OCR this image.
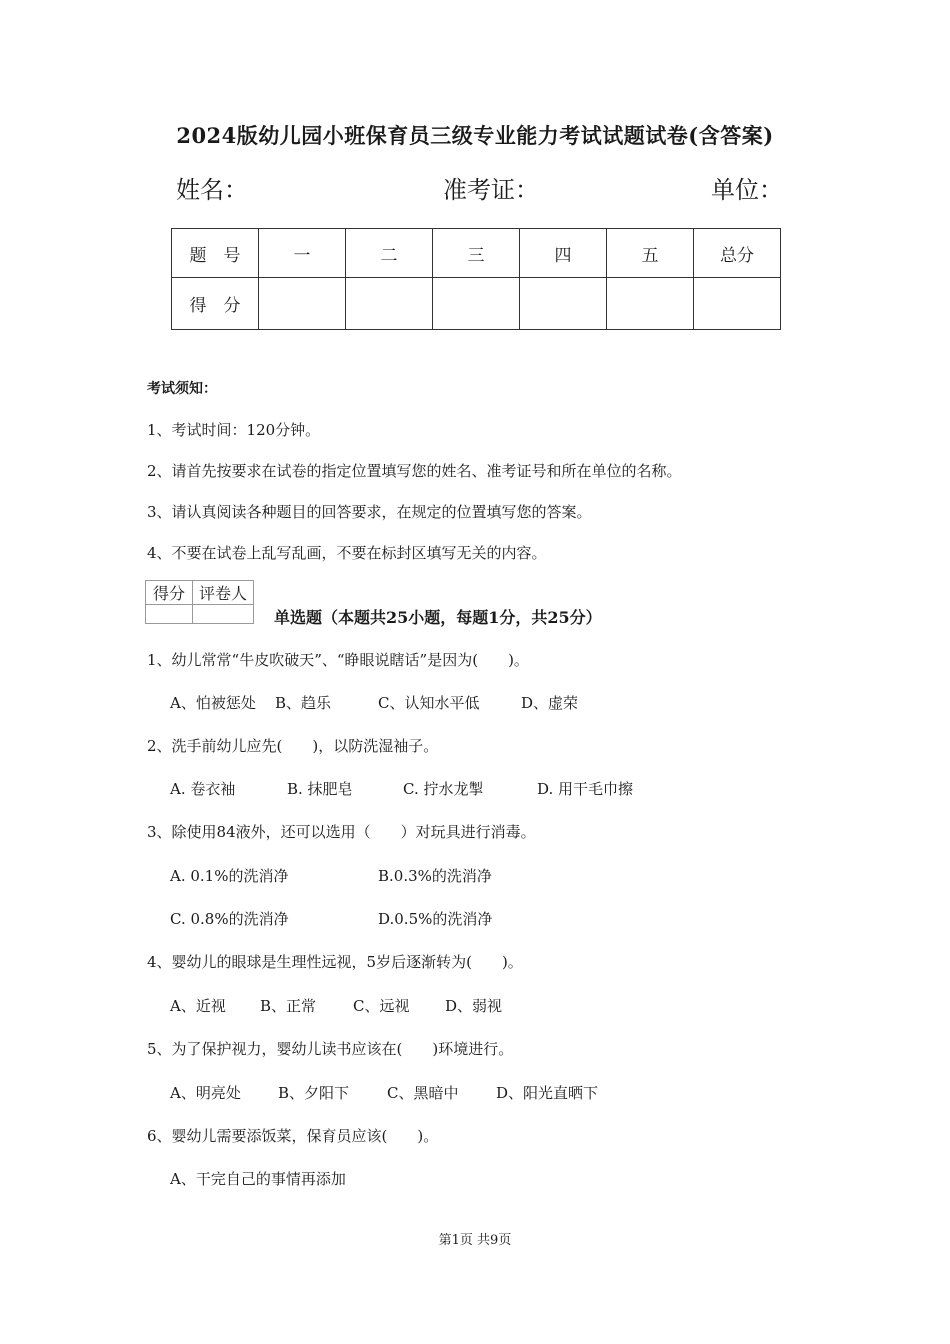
2024版幼儿园小班保育员三级专业能力考试试题试卷(含答案)
姓名：	准考证：	单位：
题　号	一	二	三	四	五	总分
得　分						
考试须知：
1、考试时间：120分钟。
2、请首先按要求在试卷的指定位置填写您的姓名、准考证号和所在单位的名称。
3、请认真阅读各种题目的回答要求，在规定的位置填写您的答案。
4、不要在试卷上乱写乱画，不要在标封区填写无关的内容。
得分	评卷人

单选题（本题共25小题，每题1分，共25分）
1、幼儿常常“牛皮吹破天”、“睁眼说瞎话”是因为(　　)。
A、怕被惩处 B、趋乐	C、认知水平低	D、虚荣
2、洗手前幼儿应先(　　)，以防洗湿袖子。
A. 卷衣袖	B. 抹肥皂	C. 拧水龙掣	D. 用干毛巾擦
3、除使用84液外，还可以选用（　　）对玩具进行消毒。
A. 0.1%的洗消净	B.0.3%的洗消净
C. 0.8%的洗消净	D.0.5%的洗消净
4、婴幼儿的眼球是生理性远视，5岁后逐渐转为(　　)。
A、近视 B、正常 C、远视 D、弱视
5、为了保护视力，婴幼儿读书应该在(　　)环境进行。
A、明亮处 B、夕阳下	C、黑暗中	D、阳光直晒下
6、婴幼儿需要添饭菜，保育员应该(　　)。
A、干完自己的事情再添加
第1页 共9页
